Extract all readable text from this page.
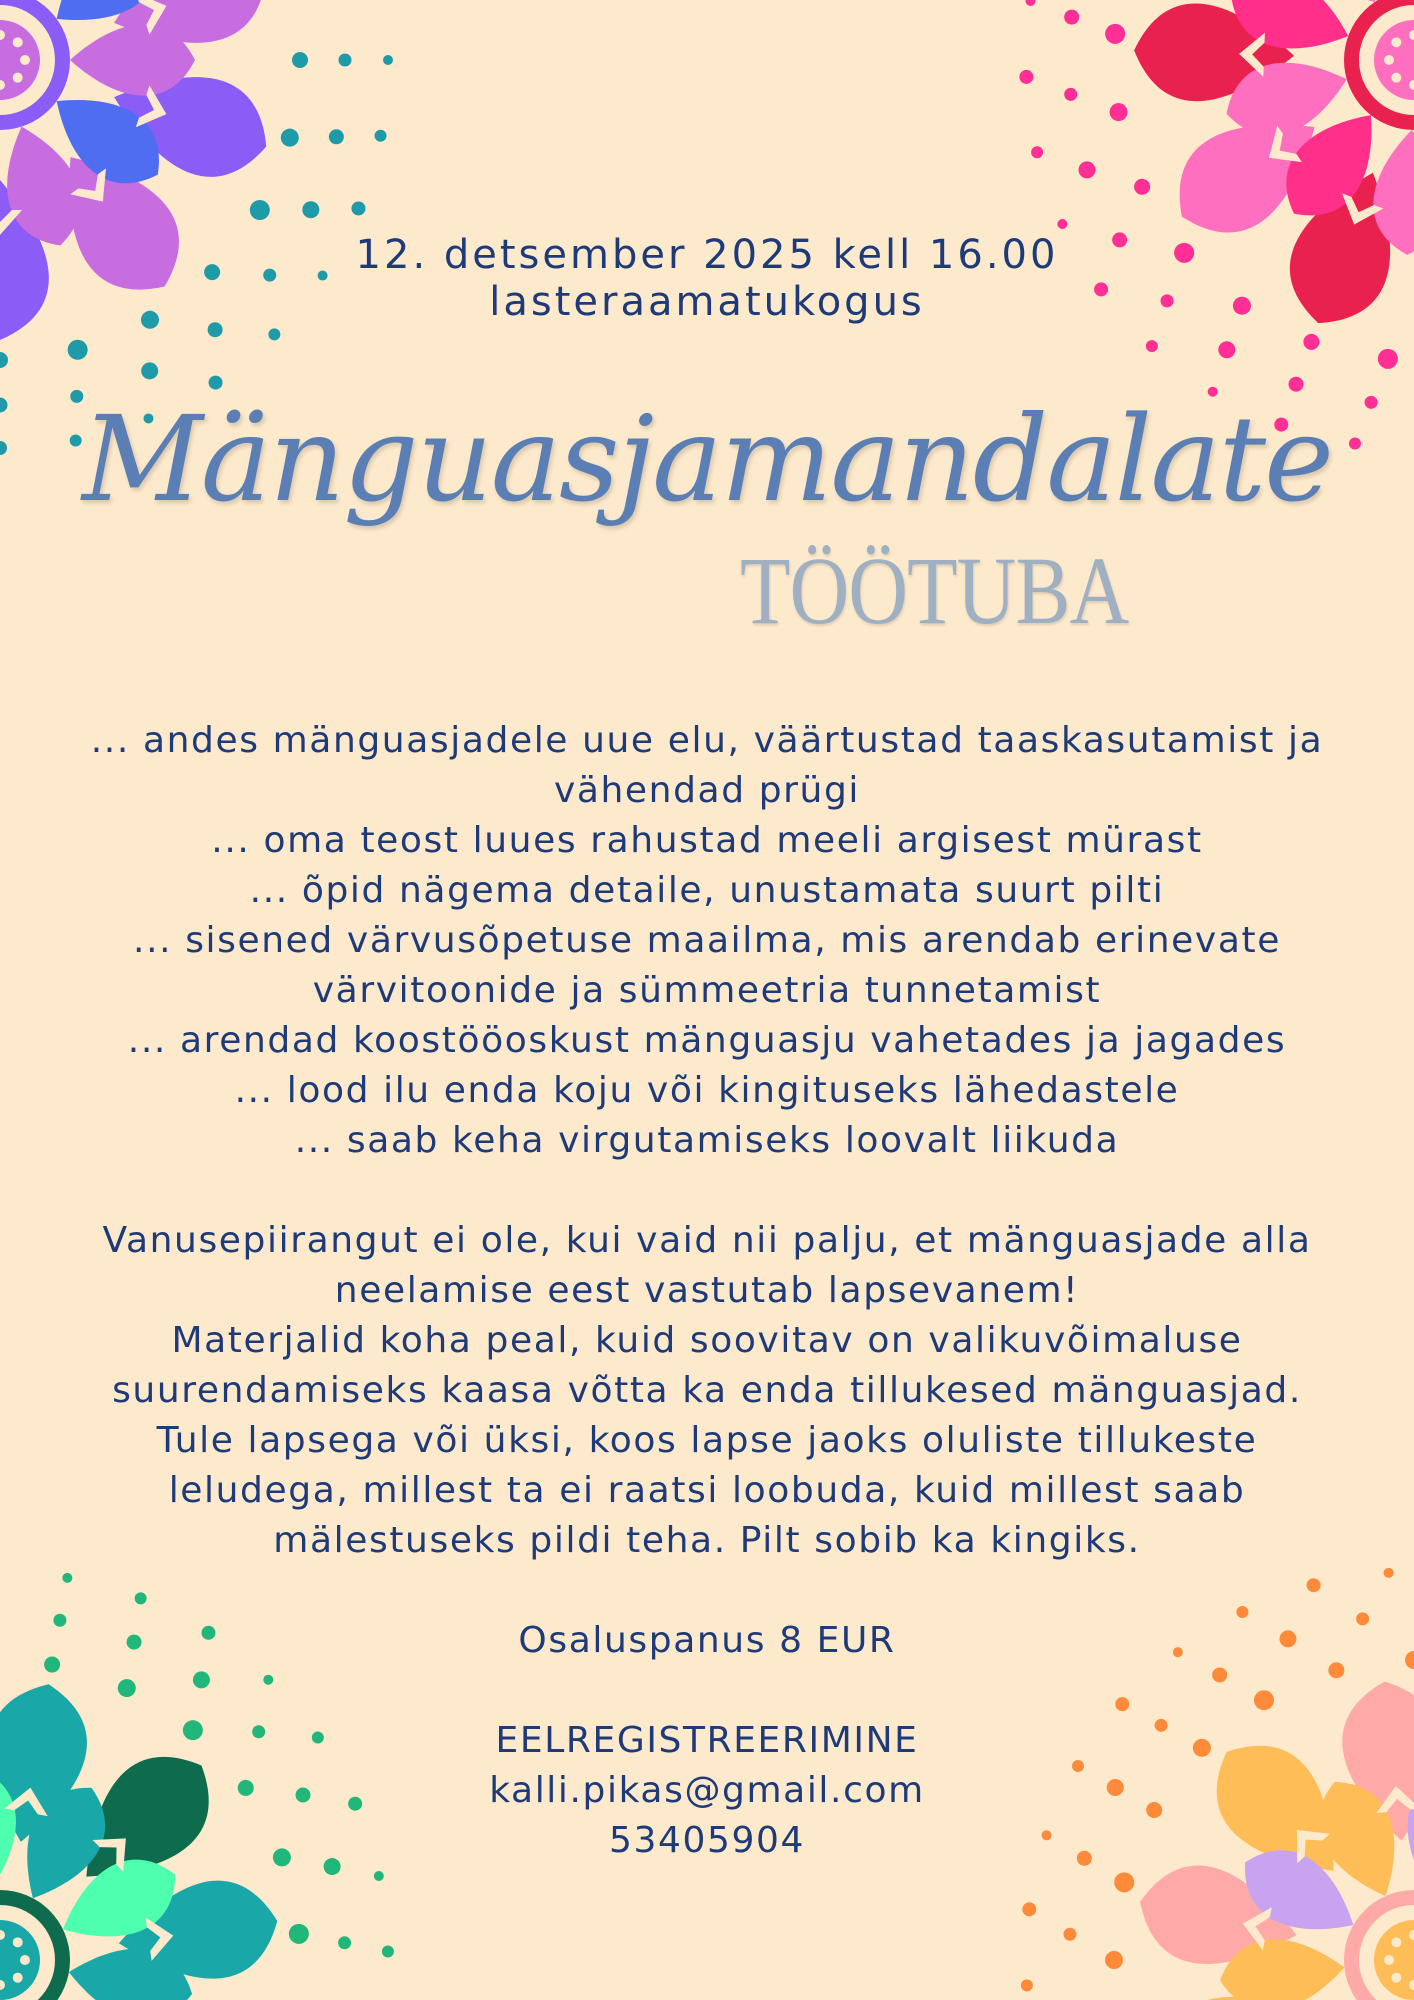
12. detsember 2025 kell 16.00
lasteraamatukogus
Mänguasjamandalate
TÖÖTUBA

... andes mänguasjadele uue elu, väärtustad taaskasutamist ja

vähendad prügi

... oma teost luues rahustad meeli argisest mürast

... õpid nägema detaile, unustamata suurt pilti

... sisened värvusõpetuse maailma, mis arendab erinevate

värvitoonide ja sümmeetria tunnetamist

... arendad koostööoskust mänguasju vahetades ja jagades

... lood ilu enda koju või kingituseks lähedastele

... saab keha virgutamiseks loovalt liikuda

Vanusepiirangut ei ole, kui vaid nii palju, et mänguasjade alla

neelamise eest vastutab lapsevanem!

Materjalid koha peal, kuid soovitav on valikuvõimaluse

suurendamiseks kaasa võtta ka enda tillukesed mänguasjad.

Tule lapsega või üksi, koos lapse jaoks oluliste tillukeste

leludega, millest ta ei raatsi loobuda, kuid millest saab

mälestuseks pildi teha. Pilt sobib ka kingiks.

Osaluspanus 8 EUR

EELREGISTREERIMINE

kalli.pikas@gmail.com

53405904
